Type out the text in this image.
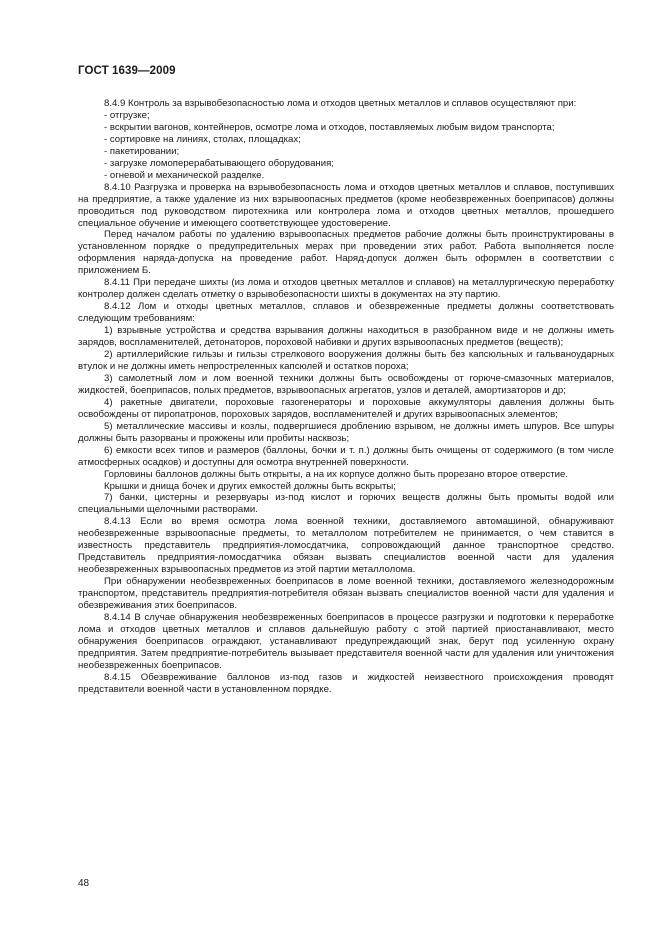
ГОСТ 1639—2009

8.4.9 Контроль за взрывобезопасностью лома и отходов цветных металлов и сплавов осуществляют при:

- отгрузке;

- вскрытии вагонов, контейнеров, осмотре лома и отходов, поставляемых любым видом транспорта;

- сортировке на линиях, столах, площадках;

- пакетировании;

- загрузке ломоперерабатывающего оборудования;

- огневой и механической разделке.

8.4.10 Разгрузка и проверка на взрывобезопасность лома и отходов цветных металлов и сплавов, поступивших на предприятие, а также удаление из них взрывоопасных предметов (кроме необезвреженных боеприпасов) должны проводиться под руководством пиротехника или контролера лома и отходов цветных металлов, прошедшего специальное обучение и имеющего соответствующее удостоверение.

Перед началом работы по удалению взрывоопасных предметов рабочие должны быть проинструктированы в установленном порядке о предупредительных мерах при проведении этих работ. Работа выполняется после оформления наряда-допуска на проведение работ. Наряд-допуск должен быть оформлен в соответствии с приложением Б.

8.4.11 При передаче шихты (из лома и отходов цветных металлов и сплавов) на металлургическую переработку контролер должен сделать отметку о взрывобезопасности шихты в документах на эту партию.

8.4.12 Лом и отходы цветных металлов, сплавов и обезвреженные предметы должны соответствовать следующим требованиям:

1) взрывные устройства и средства взрывания должны находиться в разобранном виде и не должны иметь зарядов, воспламенителей, детонаторов, пороховой набивки и других взрывоопасных предметов (веществ);

2) артиллерийские гильзы и гильзы стрелкового вооружения должны быть без капсюльных и гальваноударных втулок и не должны иметь непростреленных капсюлей и остатков пороха;

3) самолетный лом и лом военной техники должны быть освобождены от горюче-смазочных материалов, жидкостей, боеприпасов, полых предметов, взрывоопасных агрегатов, узлов и деталей, амортизаторов и др;

4) ракетные двигатели, пороховые газогенераторы и пороховые аккумуляторы давления должны быть освобождены от пиропатронов, пороховых зарядов, воспламенителей и других взрывоопасных элементов;

5) металлические массивы и козлы, подвергшиеся дроблению взрывом, не должны иметь шпуров. Все шпуры должны быть разорваны и прожжены или пробиты насквозь;

6) емкости всех типов и размеров (баллоны, бочки и т. п.) должны быть очищены от содержимого (в том числе атмосферных осадков) и доступны для осмотра внутренней поверхности.

Горловины баллонов должны быть открыты, а на их корпусе должно быть прорезано второе отверстие.

Крышки и днища бочек и других емкостей должны быть вскрыты;

7) банки, цистерны и резервуары из-под кислот и горючих веществ должны быть промыты водой или специальными щелочными растворами.

8.4.13 Если во время осмотра лома военной техники, доставляемого автомашиной, обнаруживают необезвреженные взрывоопасные предметы, то металлолом потребителем не принимается, о чем ставится в известность представитель предприятия-ломосдатчика, сопровождающий данное транспортное средство. Представитель предприятия-ломосдатчика обязан вызвать специалистов военной части для удаления необезвреженных взрывоопасных предметов из этой партии металлолома.

При обнаружении необезвреженных боеприпасов в ломе военной техники, доставляемого железнодорожным транспортом, представитель предприятия-потребителя обязан вызвать специалистов военной части для удаления и обезвреживания этих боеприпасов.

8.4.14 В случае обнаружения необезвреженных боеприпасов в процессе разгрузки и подготовки к переработке лома и отходов цветных металлов и сплавов дальнейшую работу с этой партией приостанавливают, место обнаружения боеприпасов ограждают, устанавливают предупреждающий знак, берут под усиленную охрану предприятия. Затем предприятие-потребитель вызывает представителя военной части для удаления или уничтожения необезвреженных боеприпасов.

8.4.15 Обезвреживание баллонов из-под газов и жидкостей неизвестного происхождения проводят представители военной части в установленном порядке.

48
